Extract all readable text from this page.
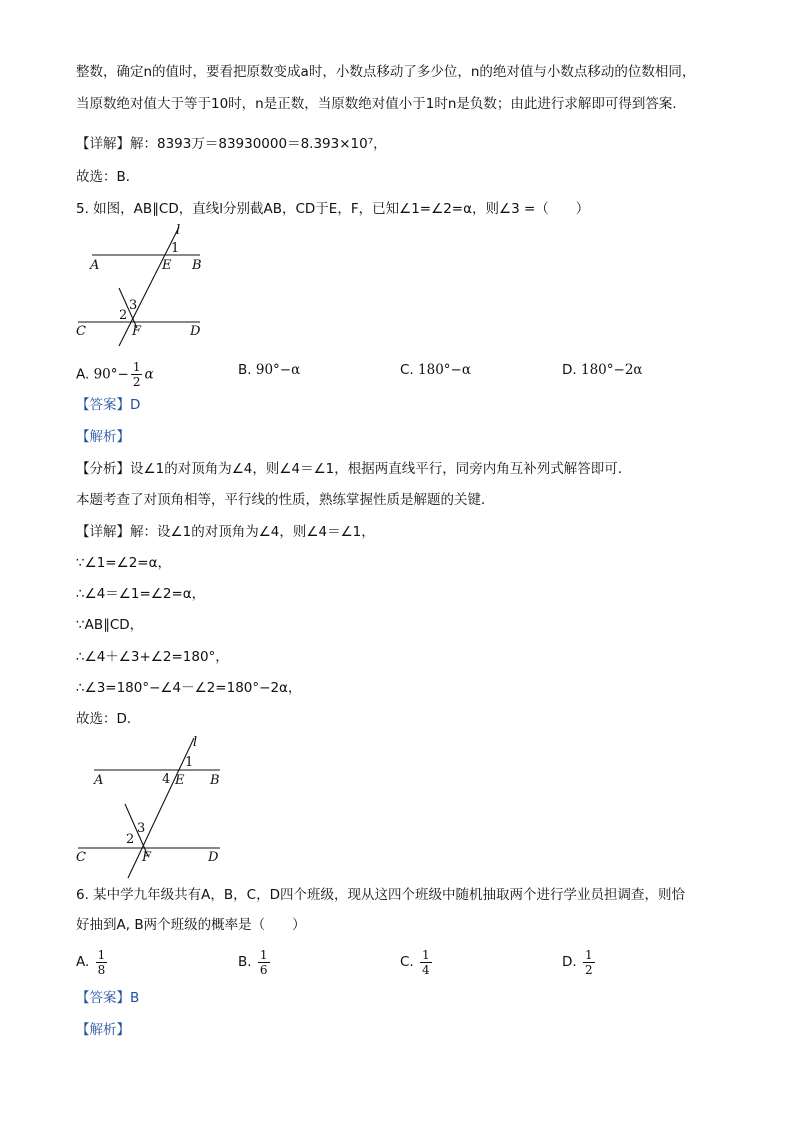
整数，确定n的值时，要看把原数变成a时，小数点移动了多少位，n的绝对值与小数点移动的位数相同，
当原数绝对值大于等于10时，n是正数，当原数绝对值小于1时n是负数；由此进行求解即可得到答案．
【详解】解：8393万＝83930000＝8.393×10⁷，
故选：B．
5. 如图，AB∥CD，直线l分别截AB，CD于E，F，已知∠1=∠2=α，则∠3 =（　　）
l
1
A	E B
3
2
C	F	D
A. $90^\circ- \frac{1}{2}$ α	B. 90°−α	C. 180°−α	D. 180°−2α
【答案】D
【解析】
【分析】设∠1的对顶角为∠4，则∠4＝∠1，根据两直线平行，同旁内角互补列式解答即可．
本题考查了对顶角相等，平行线的性质，熟练掌握性质是解题的关键．
【详解】解：设∠1的对顶角为∠4，则∠4＝∠1，
∵∠1=∠2=α，
∴∠4＝∠1=∠2=α，
∵AB∥CD，
∴∠4＋∠3+∠2=180°，
∴∠3=180°−∠4－∠2=180°−2α，
故选：D．
l
1
4
A	E B
3
2
C	F	D
6. 某中学九年级共有A，B，C，D四个班级，现从这四个班级中随机抽取两个进行学业员担调查，则恰
好抽到A, B两个班级的概率是（　　）
A. $\frac{1}{8}$	B. $\frac{1}{6}$	C. $\frac{1}{4}$	D. $\frac{1}{2}$
【答案】B
【解析】
